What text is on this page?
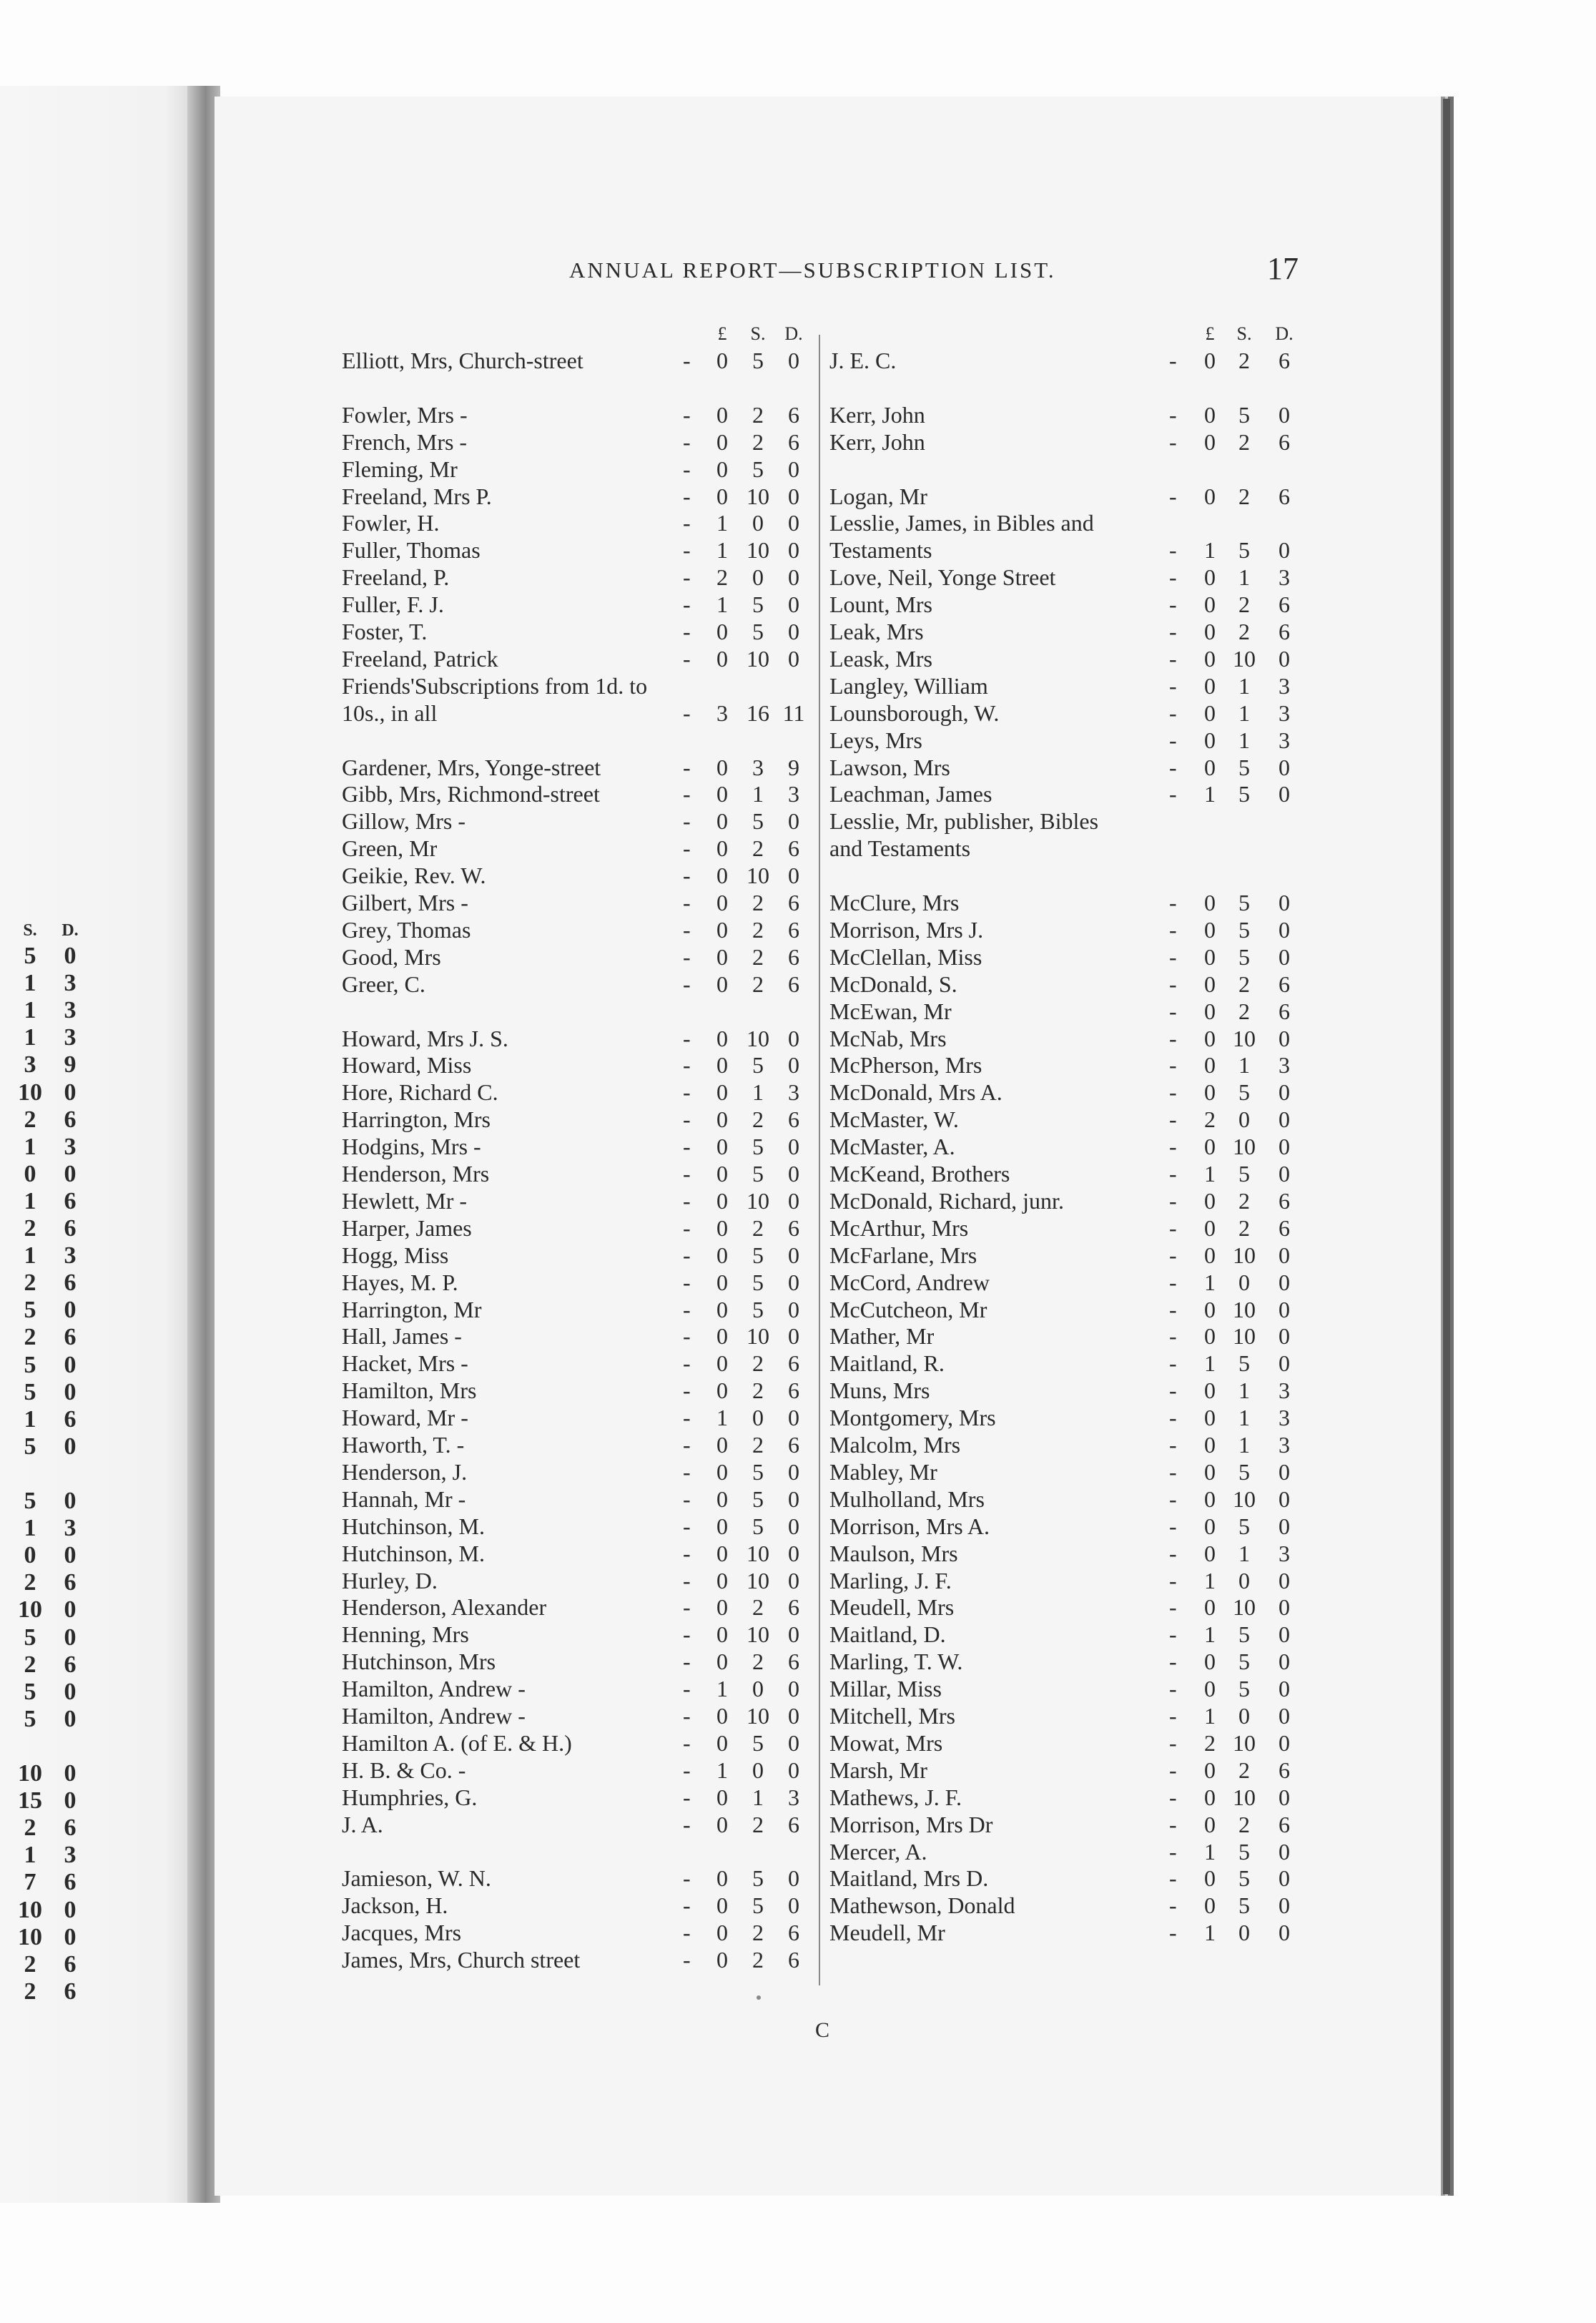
S.	D.
5	0
1	3
1	3
1	3
3	9
10 0
2	6
1	3
0	0
1	6
2	6
1	3
2	6
5	0
2	6
5	0
5	0
1	6
5	0
5	0
1	3
0	0
2	6
10 0
5	0
2	6
5	0
5	0
10 0
15 0
2	6
1	3
7	6
10 0
10 0
2	6
2	6
ANNUAL REPORT—SUBSCRIPTION LIST.	17
£	S.	D.	£	S.	D.
Elliott, Mrs, Church-street	-	0	5	0
Fowler, Mrs -	-	0	2	6
French, Mrs -	-	0	2	6
Fleming, Mr	-	0	5	0
Freeland, Mrs P.	-	0 10 0
Fowler, H.	-	1	0	0
Fuller, Thomas	-	1 10 0
Freeland, P.	-	2	0	0
Fuller, F. J.	-	1	5	0
Foster, T.	-	0	5	0
Freeland, Patrick	-	0 10 0
Friends'Subscriptions from 1d. to
10s., in all	-	3 16 11
Gardener, Mrs, Yonge-street	-	0	3	9
Gibb, Mrs, Richmond-street	-	0	1	3
Gillow, Mrs -	-	0	5	0
Green, Mr	-	0	2	6
Geikie, Rev. W.	-	0 10 0
Gilbert, Mrs -	-	0	2	6
Grey, Thomas	-	0	2	6
Good, Mrs	-	0	2	6
Greer, C.	-	0	2	6
Howard, Mrs J. S.	-	0 10 0
Howard, Miss	-	0	5	0
Hore, Richard C.	-	0	1	3
Harrington, Mrs	-	0	2	6
Hodgins, Mrs -	-	0	5	0
Henderson, Mrs	-	0	5	0
Hewlett, Mr -	-	0 10 0
Harper, James	-	0	2	6
Hogg, Miss	-	0	5	0
Hayes, M. P.	-	0	5	0
Harrington, Mr	-	0	5	0
Hall, James -	-	0 10 0
Hacket, Mrs -	-	0	2	6
Hamilton, Mrs	-	0	2	6
Howard, Mr -	-	1	0	0
Haworth, T. -	-	0	2	6
Henderson, J.	-	0	5	0
Hannah, Mr -	-	0	5	0
Hutchinson, M.	-	0	5	0
Hutchinson, M.	-	0 10 0
Hurley, D.	-	0 10 0
Henderson, Alexander	-	0	2	6
Henning, Mrs	-	0 10 0
Hutchinson, Mrs	-	0	2	6
Hamilton, Andrew -	-	1	0	0
Hamilton, Andrew -	-	0 10 0
Hamilton A. (of E. & H.)	-	0	5	0
H. B. & Co. -	-	1	0	0
Humphries, G.	-	0	1	3
J. A.	-	0	2	6
Jamieson, W. N.	-	0	5	0
Jackson, H.	-	0	5	0
Jacques, Mrs	-	0	2	6
James, Mrs, Church street	-	0	2	6
J. E. C.	-	0	2	6
Kerr, John	-	0	5	0
Kerr, John	-	0	2	6
Logan, Mr	-	0	2	6
Lesslie, James, in Bibles and
Testaments	-	1	5	0
Love, Neil, Yonge Street	-	0	1	3
Lount, Mrs	-	0	2	6
Leak, Mrs	-	0	2	6
Leask, Mrs	-	0 10	0
Langley, William	-	0	1	3
Lounsborough, W.	-	0	1	3
Leys, Mrs	-	0	1	3
Lawson, Mrs	-	0	5	0
Leachman, James	-	1	5	0
Lesslie, Mr, publisher, Bibles
and Testaments
McClure, Mrs	-	0	5	0
Morrison, Mrs J.	-	0	5	0
McClellan, Miss	-	0	5	0
McDonald, S.	-	0	2	6
McEwan, Mr	-	0	2	6
McNab, Mrs	-	0 10	0
McPherson, Mrs	-	0	1	3
McDonald, Mrs A.	-	0	5	0
McMaster, W.	-	2	0	0
McMaster, A.	-	0 10	0
McKeand, Brothers	-	1	5	0
McDonald, Richard, junr.	-	0	2	6
McArthur, Mrs	-	0	2	6
McFarlane, Mrs	-	0 10	0
McCord, Andrew	-	1	0	0
McCutcheon, Mr	-	0 10	0
Mather, Mr	-	0 10	0
Maitland, R.	-	1	5	0
Muns, Mrs	-	0	1	3
Montgomery, Mrs	-	0	1	3
Malcolm, Mrs	-	0	1	3
Mabley, Mr	-	0	5	0
Mulholland, Mrs	-	0 10	0
Morrison, Mrs A.	-	0	5	0
Maulson, Mrs	-	0	1	3
Marling, J. F.	-	1	0	0
Meudell, Mrs	-	0 10	0
Maitland, D.	-	1	5	0
Marling, T. W.	-	0	5	0
Millar, Miss	-	0	5	0
Mitchell, Mrs	-	1	0	0
Mowat, Mrs	-	2 10	0
Marsh, Mr	-	0	2	6
Mathews, J. F.	-	0 10	0
Morrison, Mrs Dr	-	0	2	6
Mercer, A.	-	1	5	0
Maitland, Mrs D.	-	0	5	0
Mathewson, Donald	-	0	5	0
Meudell, Mr	-	1	0	0
C
